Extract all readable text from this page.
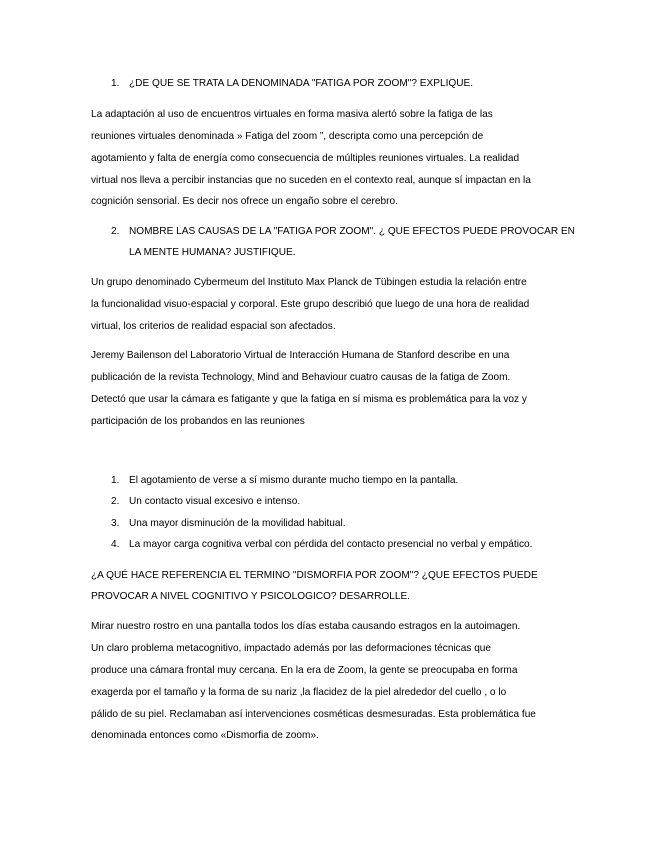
1. ¿DE QUE SE TRATA LA DENOMINADA "FATIGA POR ZOOM"? EXPLIQUE.
La adaptación al uso de encuentros virtuales en forma masiva alertó sobre la fatiga de las
reuniones virtuales denominada » Fatiga del zoom ”, descripta como una percepción de
agotamiento y falta de energía como consecuencia de múltiples reuniones virtuales. La realidad
virtual nos lleva a percibir instancias que no suceden en el contexto real, aunque sí impactan en la
cognición sensorial. Es decir nos ofrece un engaño sobre el cerebro.
2. NOMBRE LAS CAUSAS DE LA "FATIGA POR ZOOM". ¿ QUE EFECTOS PUEDE PROVOCAR EN
LA MENTE HUMANA? JUSTIFIQUE.
Un grupo denominado Cybermeum del Instituto Max Planck de Tübingen estudia la relación entre
la funcionalidad visuo-espacial y corporal. Este grupo describió que luego de una hora de realidad
virtual, los criterios de realidad espacial son afectados.
Jeremy Bailenson del Laboratorio Virtual de Interacción Humana de Stanford describe en una
publicación de la revista Technology, Mind and Behaviour cuatro causas de la fatiga de Zoom.
Detectó que usar la cámara es fatigante y que la fatiga en sí misma es problemática para la voz y
participación de los probandos en las reuniones
1. El agotamiento de verse a sí mismo durante mucho tiempo en la pantalla.
2. Un contacto visual excesivo e intenso.
3. Una mayor disminución de la movilidad habitual.
4. La mayor carga cognitiva verbal con pérdida del contacto presencial no verbal y empático.
¿A QUÉ HACE REFERENCIA EL TERMINO "DISMORFIA POR ZOOM"? ¿QUE EFECTOS PUEDE
PROVOCAR A NIVEL COGNITIVO Y PSICOLOGICO? DESARROLLE.
Mirar nuestro rostro en una pantalla todos los días estaba causando estragos en la autoimagen.
Un claro problema metacognitivo, impactado además por las deformaciones técnicas que
produce una cámara frontal muy cercana. En la era de Zoom, la gente se preocupaba en forma
exagerda por el tamaño y la forma de su nariz ,la flacidez de la piel alrededor del cuello , o lo
pálido de su piel. Reclamaban así intervenciones cosméticas desmesuradas. Esta problemática fue
denominada entonces como «Dismorfia de zoom».
